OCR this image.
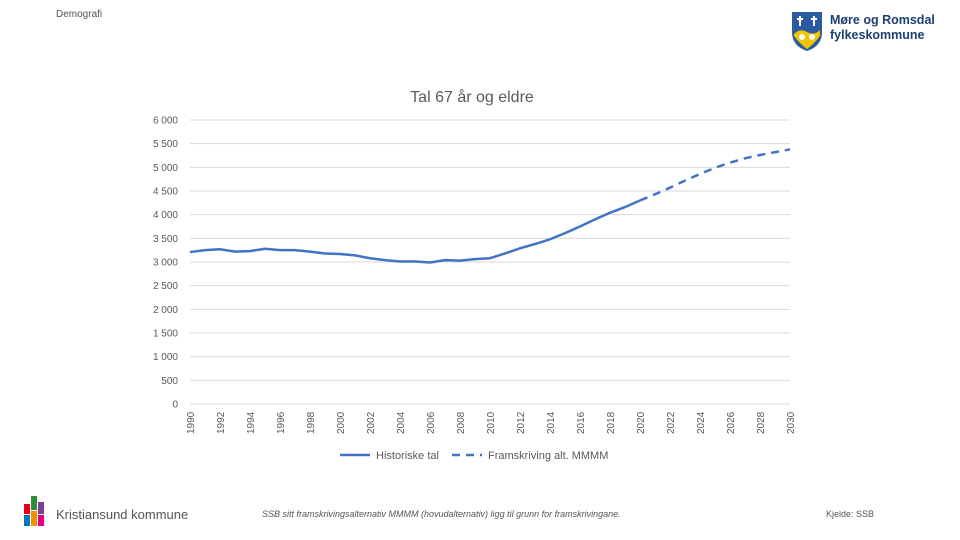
Demografi	Møre og Romsdal
fylkeskommune
Tal 67 år og eldre
0
500
1 000
1 500
2 000
2 500
3 000
3 500
4 000
4 500
5 000
5 500
6 000
1990 1992 1994 1996 1998 2000 2002 2004 2006 2008 2010 2012 2014 2016 2018 2020 2022 2024 2026 2028 2030
Historiske tal	Framskriving alt. MMMM
Kristiansund kommune	SSB sitt framskrivingsalternativ MMMM (hovudalternativ) ligg til grunn for framskrivingane.	Kjelde: SSB
